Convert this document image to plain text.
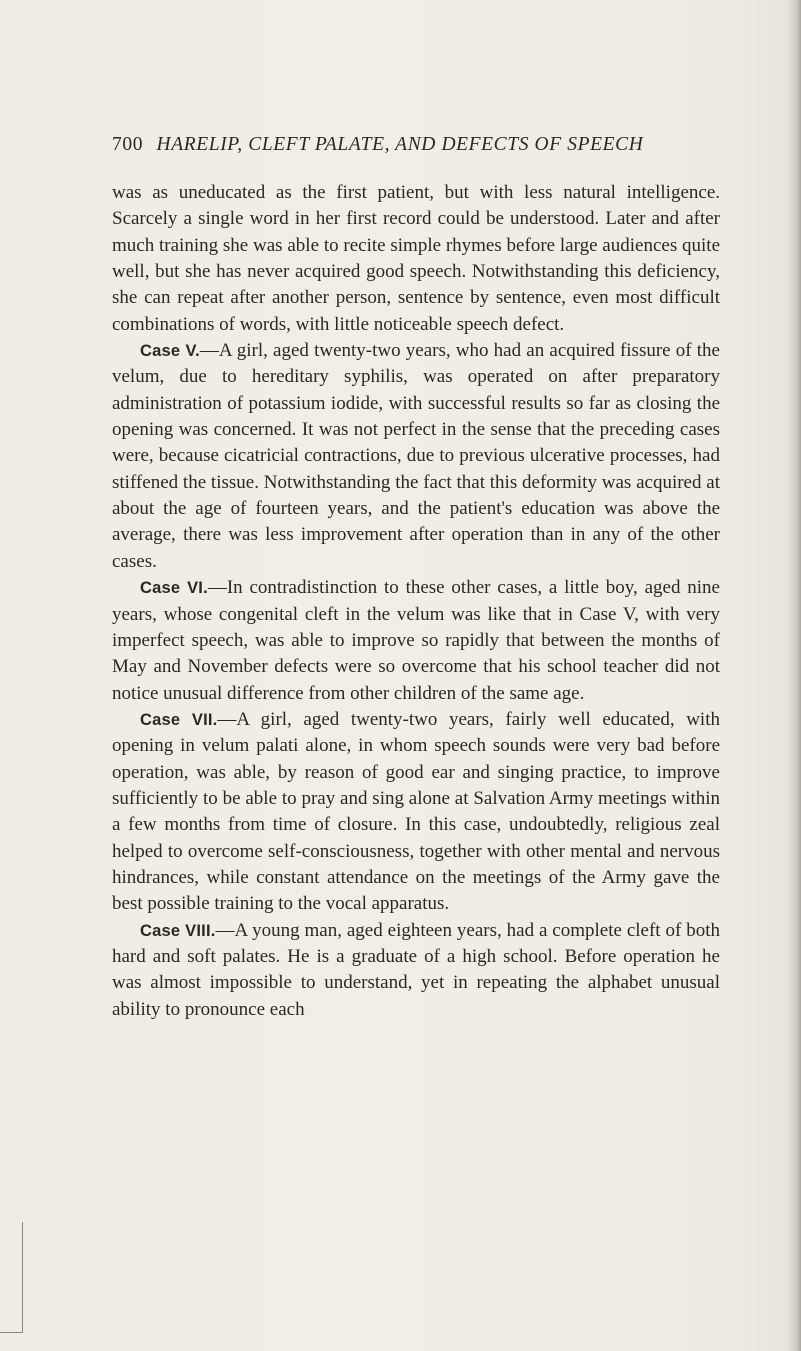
700 HARELIP, CLEFT PALATE, AND DEFECTS OF SPEECH

was as uneducated as the first patient, but with less natural intelligence. Scarcely a single word in her first record could be understood. Later and after much training she was able to recite simple rhymes before large audiences quite well, but she has never acquired good speech. Notwithstanding this deficiency, she can repeat after another person, sentence by sentence, even most difficult combinations of words, with little noticeable speech defect.

Case V.—A girl, aged twenty-two years, who had an acquired fissure of the velum, due to hereditary syphilis, was operated on after preparatory administration of potassium iodide, with successful results so far as closing the opening was concerned. It was not perfect in the sense that the preceding cases were, because cicatricial contractions, due to previous ulcerative processes, had stiffened the tissue. Notwithstanding the fact that this deformity was acquired at about the age of fourteen years, and the patient's education was above the average, there was less improvement after operation than in any of the other cases.

Case VI.—In contradistinction to these other cases, a little boy, aged nine years, whose congenital cleft in the velum was like that in Case V, with very imperfect speech, was able to improve so rapidly that between the months of May and November defects were so overcome that his school teacher did not notice unusual difference from other children of the same age.

Case VII.—A girl, aged twenty-two years, fairly well educated, with opening in velum palati alone, in whom speech sounds were very bad before operation, was able, by reason of good ear and singing practice, to improve sufficiently to be able to pray and sing alone at Salvation Army meetings within a few months from time of closure. In this case, undoubtedly, religious zeal helped to overcome self-consciousness, together with other mental and nervous hindrances, while constant attendance on the meetings of the Army gave the best possible training to the vocal apparatus.

Case VIII.—A young man, aged eighteen years, had a complete cleft of both hard and soft palates. He is a graduate of a high school. Before operation he was almost impossible to understand, yet in repeating the alphabet unusual ability to pronounce each
